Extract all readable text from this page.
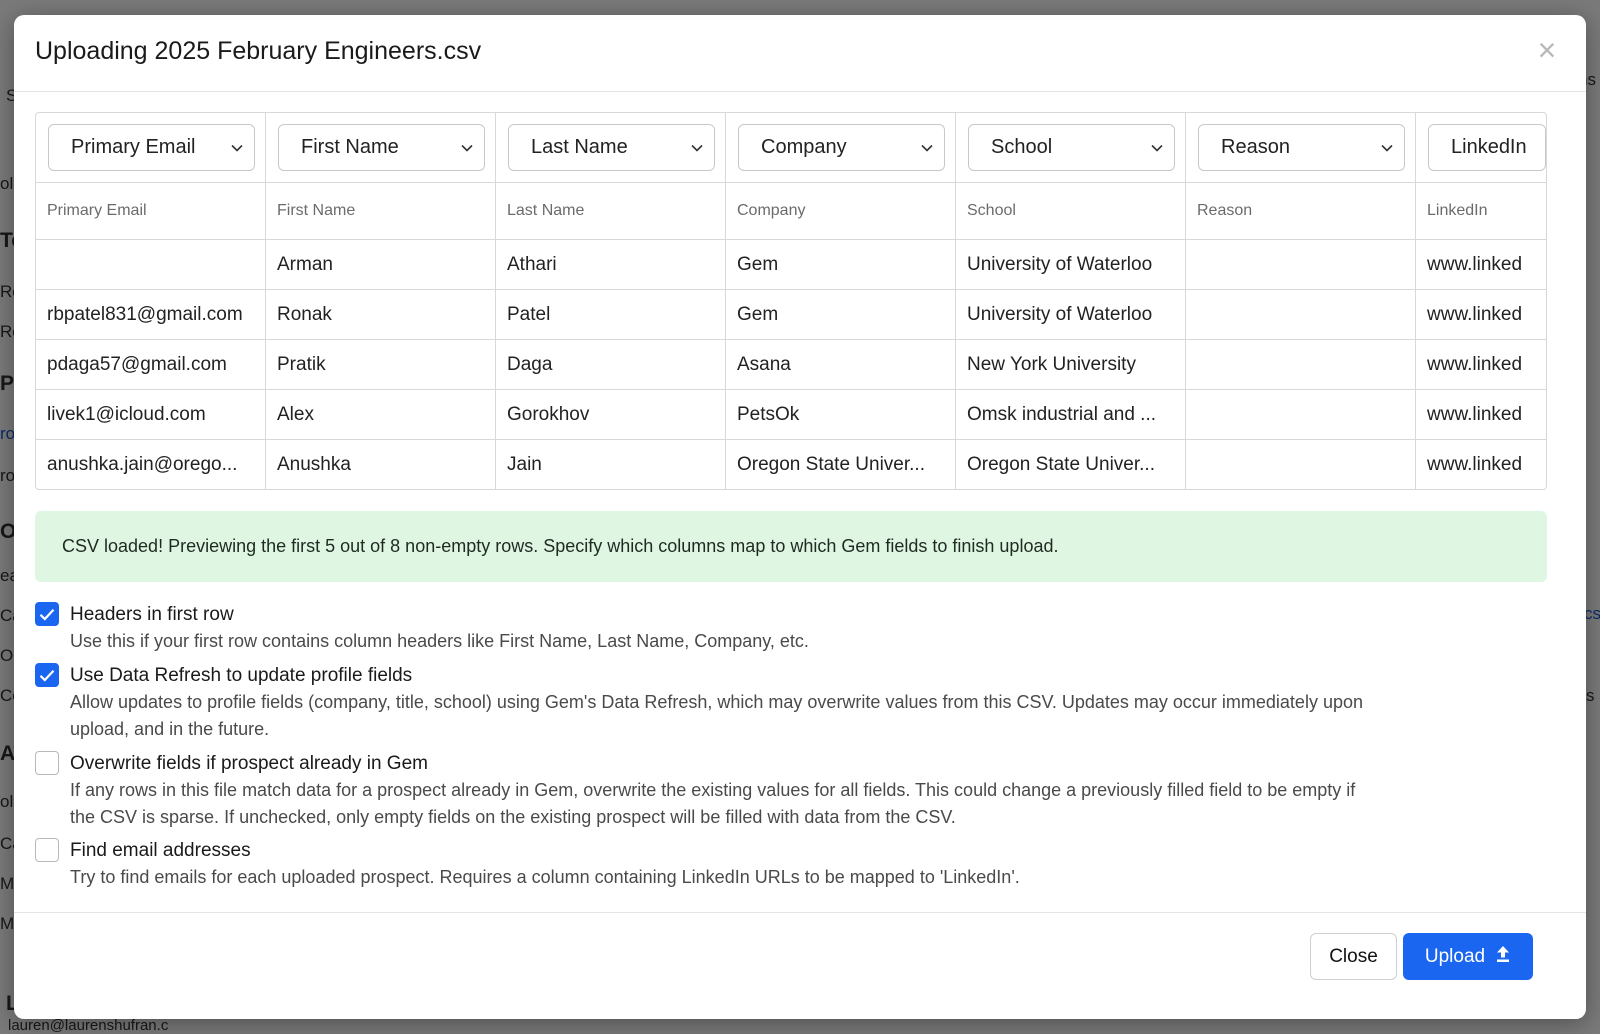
Uploading 2025 February Engineers.csv	×
Primary Email
Primary Email
rbpatel831@gmail.com
pdaga57@gmail.com
livek1@icloud.com
anushka.jain@orego...
First Name
First Name
Arman
Ronak
Pratik
Alex
Anushka
Last Name
Last Name
Athari
Patel
Daga
Gorokhov
Jain
Company
Company
Gem
Gem
Asana
PetsOk
Oregon State Univer...
School
School
University of Waterloo
University of Waterloo
New York University
Omsk industrial and ...
Oregon State Univer...
Reason
Reason
LinkedIn
LinkedIn
www.linked
www.linked
www.linked
www.linked
www.linked
CSV loaded! Previewing the first 5 out of 8 non-empty rows. Specify which columns map to which Gem fields to finish upload.
Headers in first row
Use this if your first row contains column headers like First Name, Last Name, Company, etc.
Use Data Refresh to update profile fields
Allow updates to profile fields (company, title, school) using Gem's Data Refresh, which may overwrite values from this CSV. Updates may occur immediately upon
upload, and in the future.
Overwrite fields if prospect already in Gem
If any rows in this file match data for a prospect already in Gem, overwrite the existing values for all fields. This could change a previously filled field to be empty if
the CSV is sparse. If unchecked, only empty fields on the existing prospect will be filled with data from the CSV.
Find email addresses
Try to find emails for each uploaded prospect. Requires a column containing LinkedIn URLs to be mapped to 'LinkedIn'.
Close Upload
